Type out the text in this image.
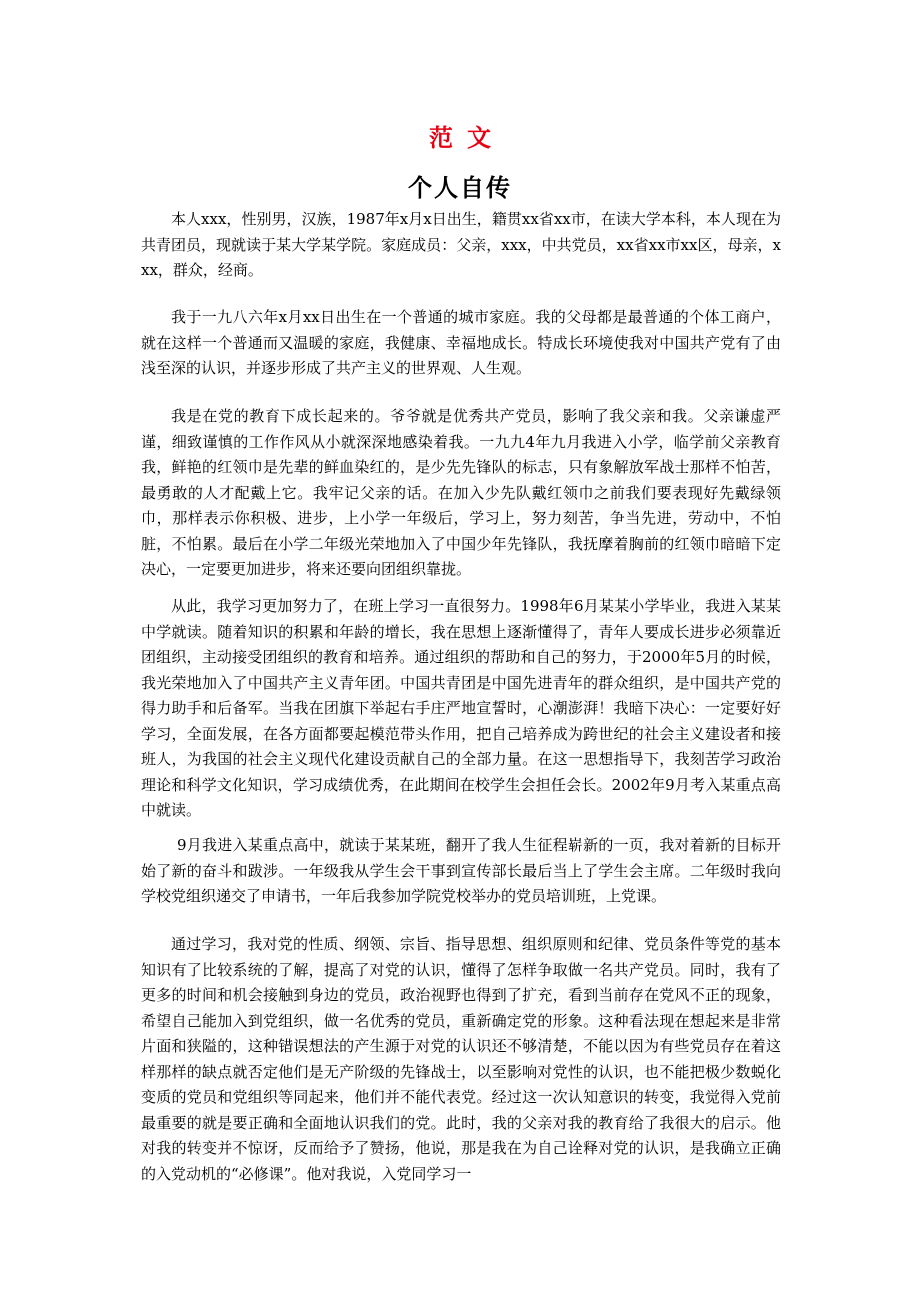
范文
个人自传

本人xxx，性别男，汉族，1987年x月x日出生，籍贯xx省xx市，在读大学本科，本人现在为共青团员，现就读于某大学某学院。家庭成员：父亲，xxx，中共党员，xx省xx市xx区，母亲，xxx，群众，经商。

我于一九八六年x月xx日出生在一个普通的城市家庭。我的父母都是最普通的个体工商户，就在这样一个普通而又温暖的家庭，我健康、幸福地成长。特成长环境使我对中国共产党有了由浅至深的认识，并逐步形成了共产主义的世界观、人生观。

我是在党的教育下成长起来的。爷爷就是优秀共产党员，影响了我父亲和我。父亲谦虚严谨，细致谨慎的工作作风从小就深深地感染着我。一九九4年九月我进入小学，临学前父亲教育我，鲜艳的红领巾是先辈的鲜血染红的，是少先先锋队的标志，只有象解放军战士那样不怕苦，最勇敢的人才配戴上它。我牢记父亲的话。在加入少先队戴红领巾之前我们要表现好先戴绿领巾，那样表示你积极、进步，上小学一年级后，学习上，努力刻苦，争当先进，劳动中，不怕脏，不怕累。最后在小学二年级光荣地加入了中国少年先锋队，我抚摩着胸前的红领巾暗暗下定决心，一定要更加进步，将来还要向团组织靠拢。

从此，我学习更加努力了，在班上学习一直很努力。1998年6月某某小学毕业，我进入某某中学就读。随着知识的积累和年龄的增长，我在思想上逐渐懂得了，青年人要成长进步必须靠近团组织，主动接受团组织的教育和培养。通过组织的帮助和自己的努力，于2000年5月的时候，我光荣地加入了中国共产主义青年团。中国共青团是中国先进青年的群众组织，是中国共产党的得力助手和后备军。当我在团旗下举起右手庄严地宣誓时，心潮澎湃！我暗下决心：一定要好好学习，全面发展，在各方面都要起模范带头作用，把自己培养成为跨世纪的社会主义建设者和接班人，为我国的社会主义现代化建设贡献自己的全部力量。在这一思想指导下，我刻苦学习政治理论和科学文化知识，学习成绩优秀，在此期间在校学生会担任会长。2002年9月考入某重点高中就读。

9月我进入某重点高中，就读于某某班，翻开了我人生征程崭新的一页，我对着新的目标开始了新的奋斗和跋涉。一年级我从学生会干事到宣传部长最后当上了学生会主席。二年级时我向学校党组织递交了申请书，一年后我参加学院党校举办的党员培训班，上党课。

通过学习，我对党的性质、纲领、宗旨、指导思想、组织原则和纪律、党员条件等党的基本知识有了比较系统的了解，提高了对党的认识，懂得了怎样争取做一名共产党员。同时，我有了更多的时间和机会接触到身边的党员，政治视野也得到了扩充，看到当前存在党风不正的现象，希望自己能加入到党组织，做一名优秀的党员，重新确定党的形象。这种看法现在想起来是非常片面和狭隘的，这种错误想法的产生源于对党的认识还不够清楚，不能以因为有些党员存在着这样那样的缺点就否定他们是无产阶级的先锋战士，以至影响对党性的认识，也不能把极少数蜕化变质的党员和党组织等同起来，他们并不能代表党。经过这一次认知意识的转变，我觉得入党前最重要的就是要正确和全面地认识我们的党。此时，我的父亲对我的教育给了我很大的启示。他对我的转变并不惊讶，反而给予了赞扬，他说，那是我在为自己诠释对党的认识，是我确立正确的入党动机的“必修课”。他对我说，入党同学习一
